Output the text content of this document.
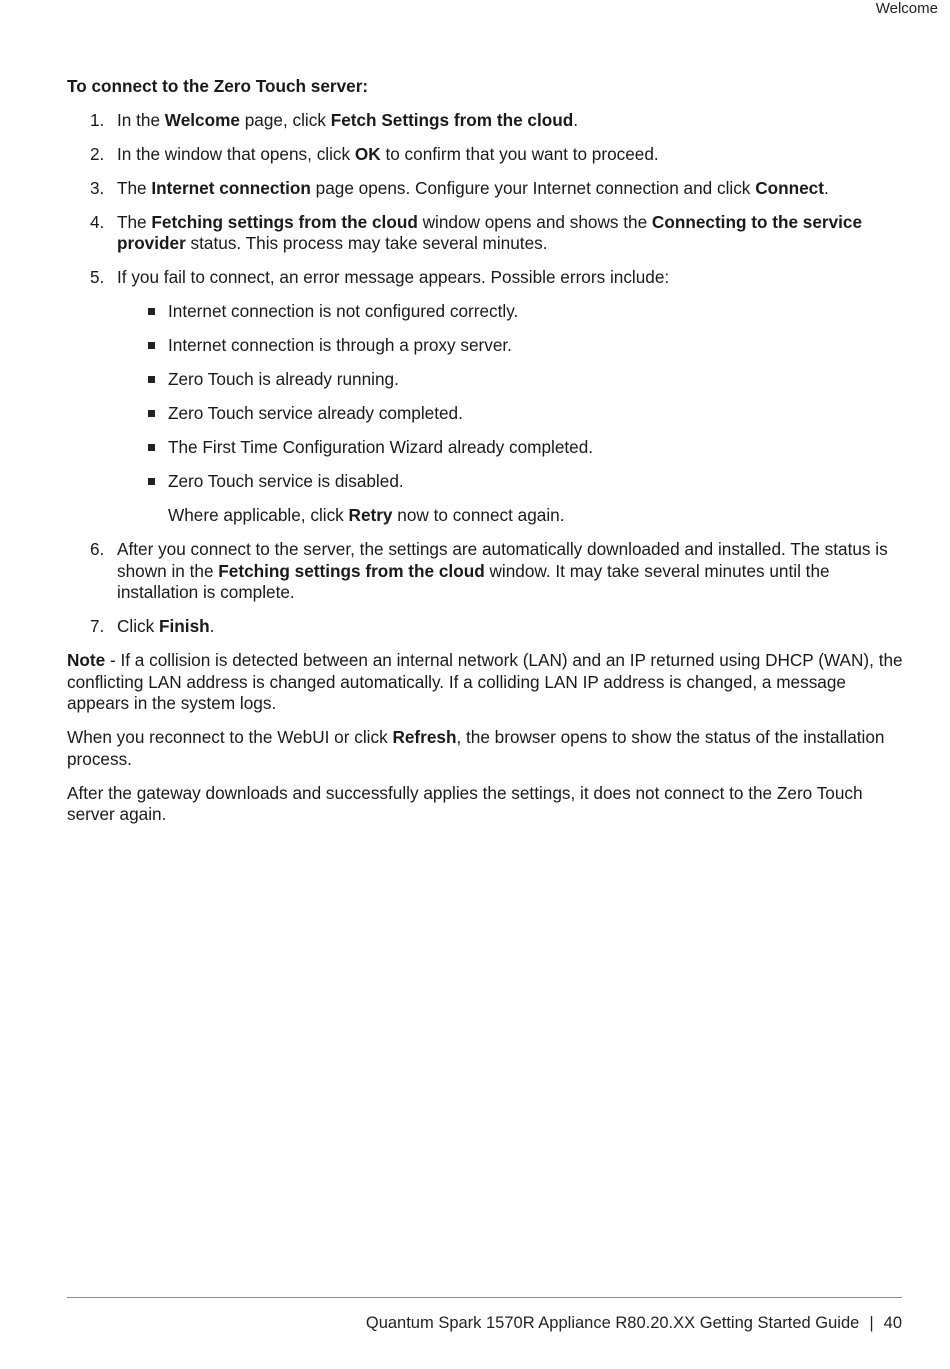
Welcome
To connect to the Zero Touch server:
1. In the Welcome page, click Fetch Settings from the cloud.
2. In the window that opens, click OK to confirm that you want to proceed.
3. The Internet connection page opens. Configure your Internet connection and click Connect.
4. The Fetching settings from the cloud window opens and shows the Connecting to the service provider status. This process may take several minutes.
5. If you fail to connect, an error message appears. Possible errors include:
Internet connection is not configured correctly.
Internet connection is through a proxy server.
Zero Touch is already running.
Zero Touch service already completed.
The First Time Configuration Wizard already completed.
Zero Touch service is disabled.
Where applicable, click Retry now to connect again.
6. After you connect to the server, the settings are automatically downloaded and installed. The status is shown in the Fetching settings from the cloud window. It may take several minutes until the installation is complete.
7. Click Finish.

Note - If a collision is detected between an internal network (LAN) and an IP returned using DHCP (WAN), the conflicting LAN address is changed automatically. If a colliding LAN IP address is changed, a message appears in the system logs.

When you reconnect to the WebUI or click Refresh, the browser opens to show the status of the installation process.

After the gateway downloads and successfully applies the settings, it does not connect to the Zero Touch server again.

Quantum Spark 1570R Appliance R80.20.XX Getting Started Guide | 40
